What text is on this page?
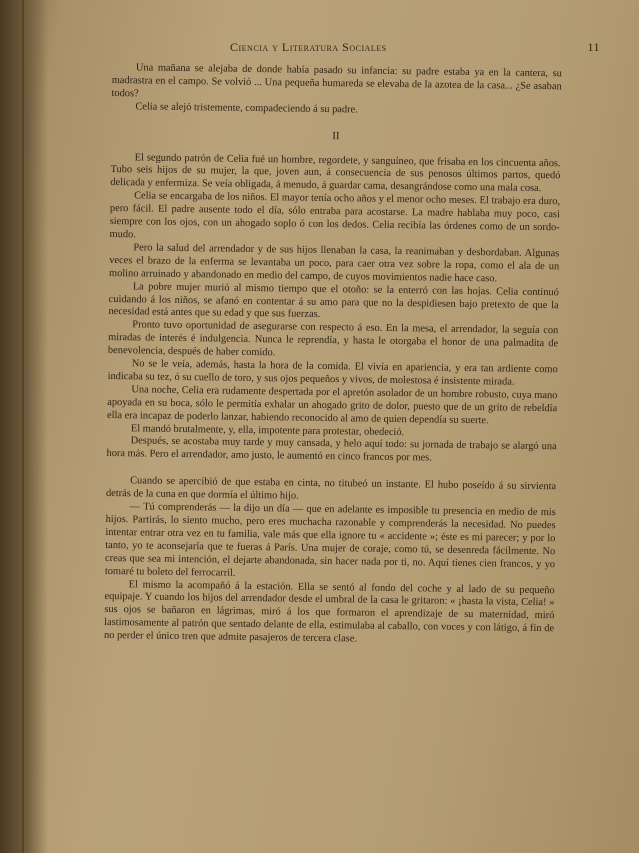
Ciencia y Literatura Sociales	11

Una mañana se alejaba de donde había pasado su infancia: su padre estaba ya en la cantera, su madrastra en el campo. Se volvió ... Una pequeña humareda se elevaba de la azotea de la casa... ¿Se asaban todos?

Celia se alejó tristemente, compadeciendo á su padre.

II

El segundo patrón de Celia fué un hombre, regordete, y sanguíneo, que frisaba en los cincuenta años. Tubo seis hijos de su mujer, la que, joven aun, á consecuencia de sus penosos últimos partos, quedó delicada y enfermiza. Se veía obligada, á menudo, á guardar cama, desangrándose como una mala cosa.

Celia se encargaba de los niños. El mayor tenía ocho años y el menor ocho meses. El trabajo era duro, pero fácil. El padre ausente todo el día, sólo entraba para acostarse. La madre hablaba muy poco, casi siempre con los ojos, con un ahogado soplo ó con los dedos. Celia recibía las órdenes como de un sordo-mudo.

Pero la salud del arrendador y de sus hijos llenaban la casa, la reanimaban y desbordaban. Algunas veces el brazo de la enferma se levantaba un poco, para caer otra vez sobre la ropa, como el ala de un molino arruinado y abandonado en medio del campo, de cuyos movimientos nadie hace caso.

La pobre mujer murió al mismo tiempo que el otoño: se la enterró con las hojas. Celia continuó cuidando á los niños, se afanó en contentar á su amo para que no la despidiesen bajo pretexto de que la necesidad está antes que su edad y que sus fuerzas.

Pronto tuvo oportunidad de asegurarse con respecto á eso. En la mesa, el arrendador, la seguía con miradas de interés é indulgencia. Nunca le reprendía, y hasta le otorgaba el honor de una palmadita de benevolencia, después de haber comido.

No se le veía, además, hasta la hora de la comida. El vivía en apariencia, y era tan ardiente como indicaba su tez, ó su cuello de toro, y sus ojos pequeños y vivos, de molestosa é insistente mirada.

Una noche, Celia era rudamente despertada por el apretón asolador de un hombre robusto, cuya mano apoyada en su boca, sólo le permitía exhalar un ahogado grito de dolor, puesto que de un grito de rebeldía ella era incapaz de poderlo lanzar, habiendo reconocido al amo de quien dependía su suerte.

El mandó brutalmente, y, ella, impotente para protestar, obedeció.

Después, se acostaba muy tarde y muy cansada, y helo aquí todo: su jornada de trabajo se alargó una hora más. Pero el arrendador, amo justo, le aumentó en cinco francos por mes.

Cuando se apercibió de que estaba en cinta, no titubeó un instante. El hubo poseído á su sirvienta detrás de la cuna en que dormía el último hijo.

— Tú comprenderás — la dijo un día — que en adelante es imposible tu presencia en medio de mis hijos. Partirás, lo siento mucho, pero eres muchacha razonable y comprenderás la necesidad. No puedes intentar entrar otra vez en tu familia, vale más que ella ignore tu « accidente »; éste es mi parecer; y por lo tanto, yo te aconsejaría que te fueras á París. Una mujer de coraje, como tú, se desenreda fácilmente. No creas que sea mi intención, el dejarte abandonada, sin hacer nada por ti, no. Aquí tienes cien francos, y yo tomaré tu boleto del ferrocarril.

El mismo la acompañó á la estación. Ella se sentó al fondo del coche y al lado de su pequeño equipaje. Y cuando los hijos del arrendador desde el umbral de la casa le gritaron: « ¡hasta la vista, Celia! » sus ojos se bañaron en lágrimas, miró á los que formaron el aprendizaje de su maternidad, miró lastimosamente al patrón que sentado delante de ella, estimulaba al caballo, con voces y con látigo, á fin de no perder el único tren que admite pasajeros de tercera clase.
